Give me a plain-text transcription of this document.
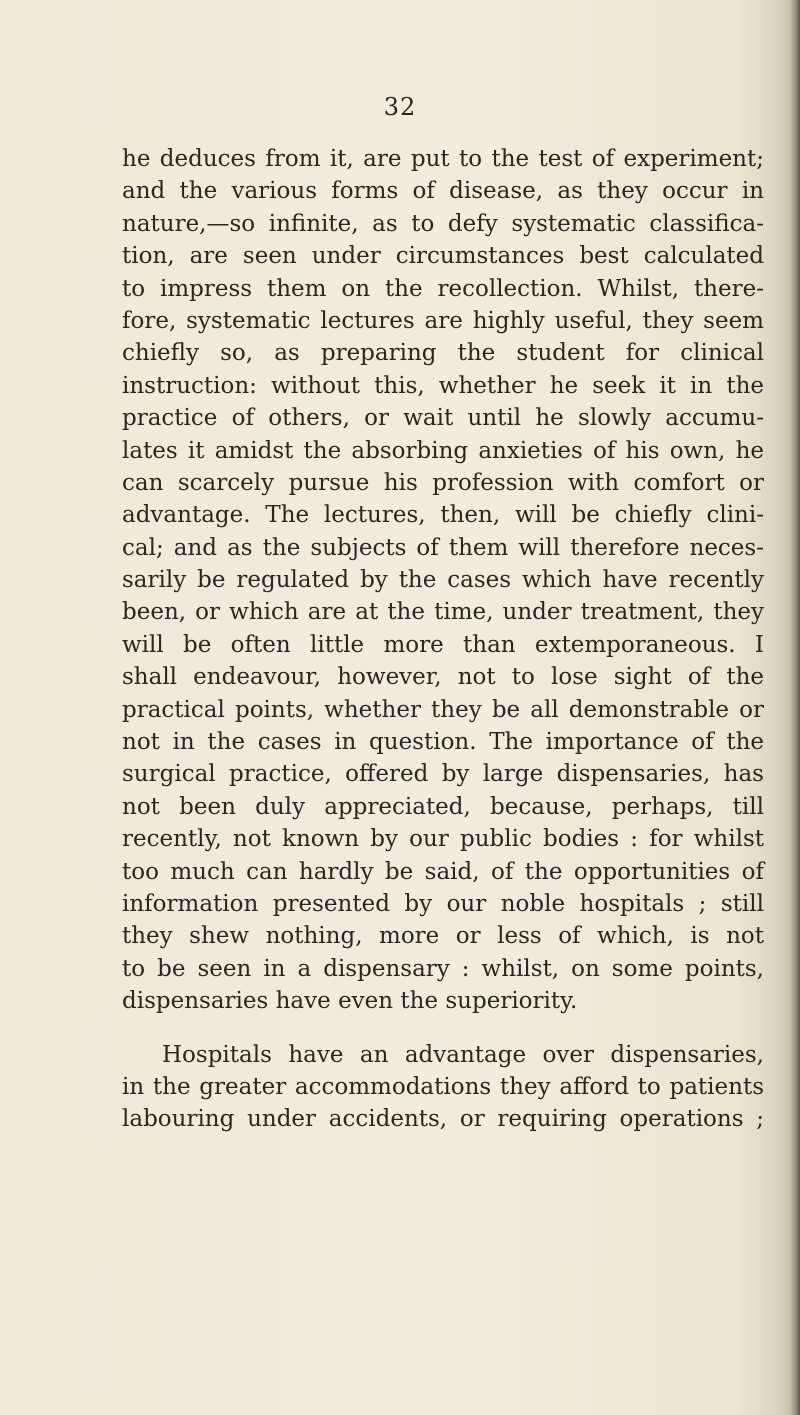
32
he deduces from it, are put to the test of experiment;
and the various forms of disease, as they occur in
nature,—so infinite, as to defy systematic classifica-
tion, are seen under circumstances best calculated
to impress them on the recollection. Whilst, there-
fore, systematic lectures are highly useful, they seem
chiefly so, as preparing the student for clinical
instruction: without this, whether he seek it in the
practice of others, or wait until he slowly accumu-
lates it amidst the absorbing anxieties of his own, he
can scarcely pursue his profession with comfort or
advantage. The lectures, then, will be chiefly clini-
cal; and as the subjects of them will therefore neces-
sarily be regulated by the cases which have recently
been, or which are at the time, under treatment, they
will be often little more than extemporaneous. I
shall endeavour, however, not to lose sight of the
practical points, whether they be all demonstrable or
not in the cases in question. The importance of the
surgical practice, offered by large dispensaries, has
not been duly appreciated, because, perhaps, till
recently, not known by our public bodies : for whilst
too much can hardly be said, of the opportunities of
information presented by our noble hospitals ; still
they shew nothing, more or less of which, is not
to be seen in a dispensary : whilst, on some points,
dispensaries have even the superiority.
Hospitals have an advantage over dispensaries,
in the greater accommodations they afford to patients
labouring under accidents, or requiring operations ;
